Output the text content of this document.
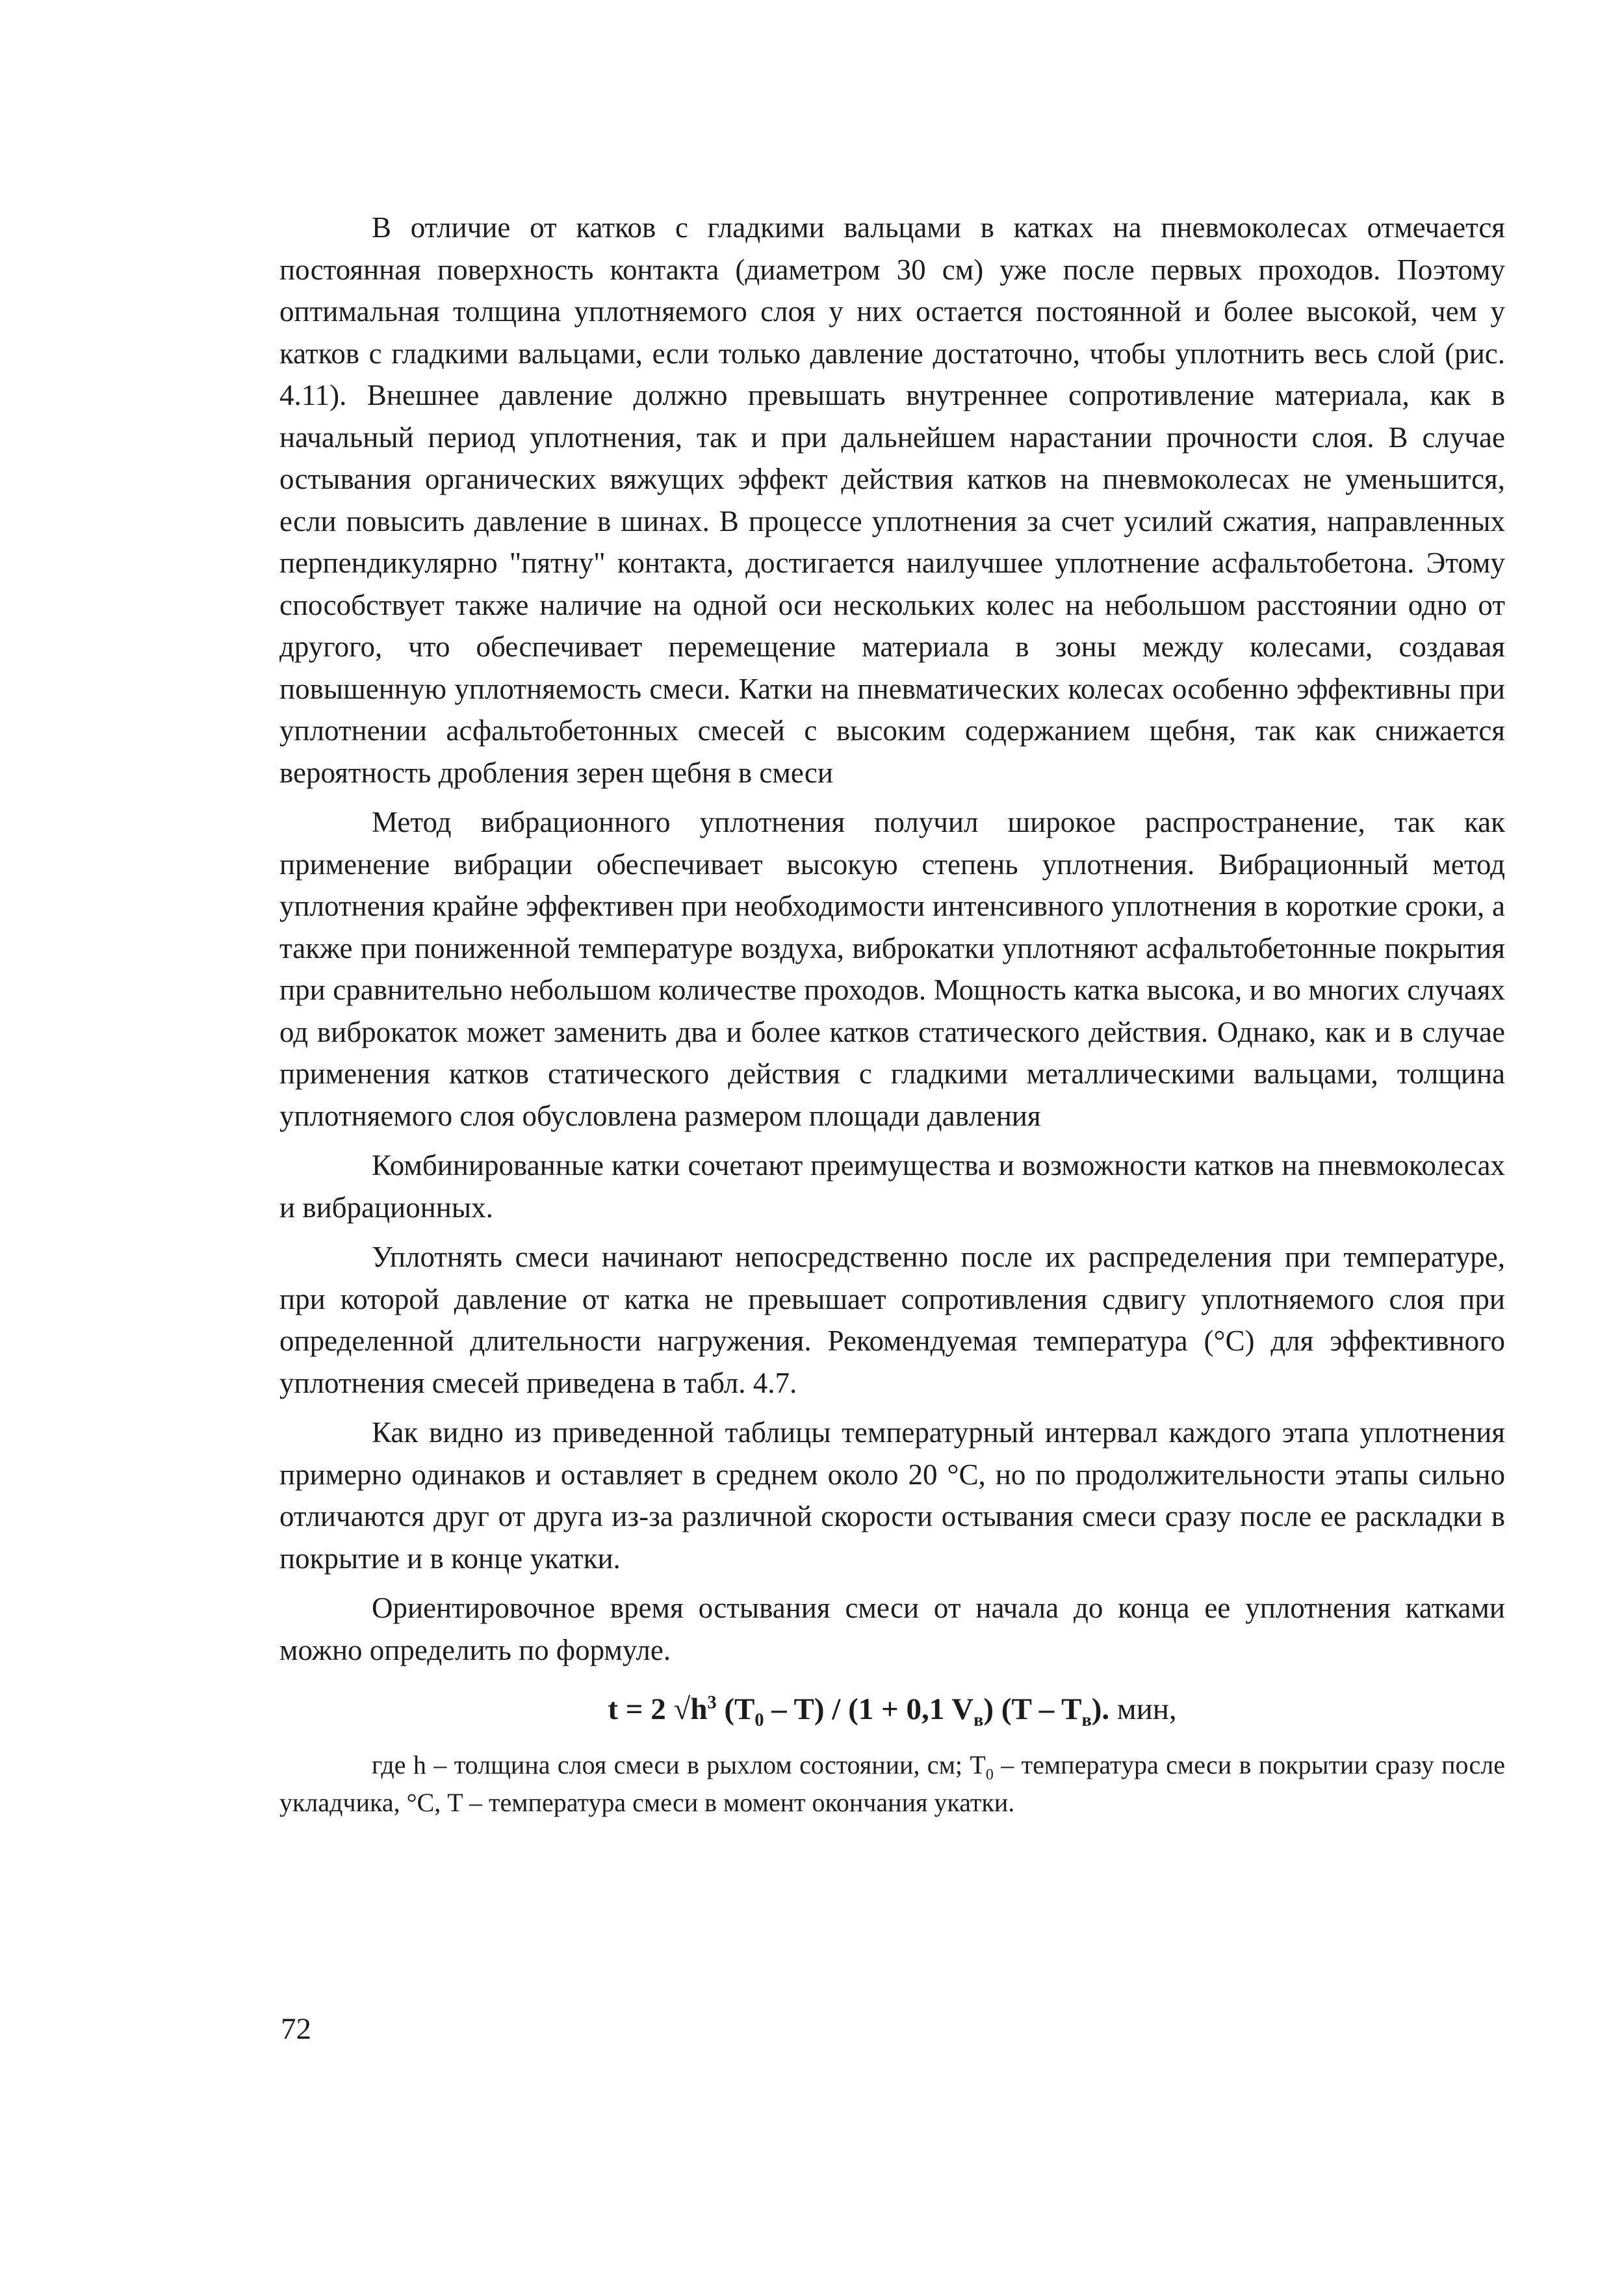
В отличие от катков с гладкими вальцами в катках на пневмоколесах отмечается постоянная поверхность контакта (диаметром 30 см) уже после первых проходов. Поэтому оптимальная толщина уплотняемого слоя у них остается постоянной и более высокой, чем у катков с гладкими вальцами, если только давление достаточно, чтобы уплотнить весь слой (рис. 4.11). Внешнее давление должно превышать внутреннее сопротивление материала, как в начальный период уплотнения, так и при дальнейшем нарастании прочности слоя. В случае остывания органических вяжущих эффект действия катков на пневмоколесах не уменьшится, если повысить давление в шинах. В процессе уплотнения за счет усилий сжатия, направленных перпендикулярно "пятну" контакта, достигается наилучшее уплотнение асфальтобетона. Этому способствует также наличие на одной оси нескольких колес на небольшом расстоянии одно от другого, что обеспечивает перемещение материала в зоны между колесами, создавая повышенную уплотняемость смеси. Катки на пневматических колесах особенно эффективны при уплотнении асфальтобетонных смесей с высоким содержанием щебня, так как снижается вероятность дробления зерен щебня в смеси

Метод вибрационного уплотнения получил широкое распространение, так как применение вибрации обеспечивает высокую степень уплотнения. Вибрационный метод уплотнения крайне эффективен при необходимости интенсивного уплотнения в короткие сроки, а также при пониженной температуре воздуха, виброкатки уплотняют асфальтобетонные покрытия при сравнительно небольшом количестве проходов. Мощность катка высока, и во многих случаях од виброкаток может заменить два и более катков статического действия. Однако, как и в случае применения катков статического действия с гладкими металлическими вальцами, толщина уплотняемого слоя обусловлена размером площади давления

Комбинированные катки сочетают преимущества и возможности катков на пневмоколесах и вибрационных.

Уплотнять смеси начинают непосредственно после их распределения при температуре, при которой давление от катка не превышает сопротивления сдвигу уплотняемого слоя при определенной длительности нагружения. Рекомендуемая температура (°С) для эффективного уплотнения смесей приведена в табл. 4.7.

Как видно из приведенной таблицы температурный интервал каждого этапа уплотнения примерно одинаков и оставляет в среднем около 20 °С, но по продолжительности этапы сильно отличаются друг от друга из-за различной скорости остывания смеси сразу после ее раскладки в покрытие и в конце укатки.

Ориентировочное время остывания смеси от начала до конца ее уплотнения катками можно определить по формуле.

t = 2 $√h^3$ $(T_0 - T) / (1 + 0,1$ $V_в$) $(T - T_в)$. мин,

где h – толщина слоя смеси в рыхлом состоянии, см; $T_0$ – температура смеси в покрытии сразу после укладчика, °С, T – температура смеси в момент окончания укатки.

72
